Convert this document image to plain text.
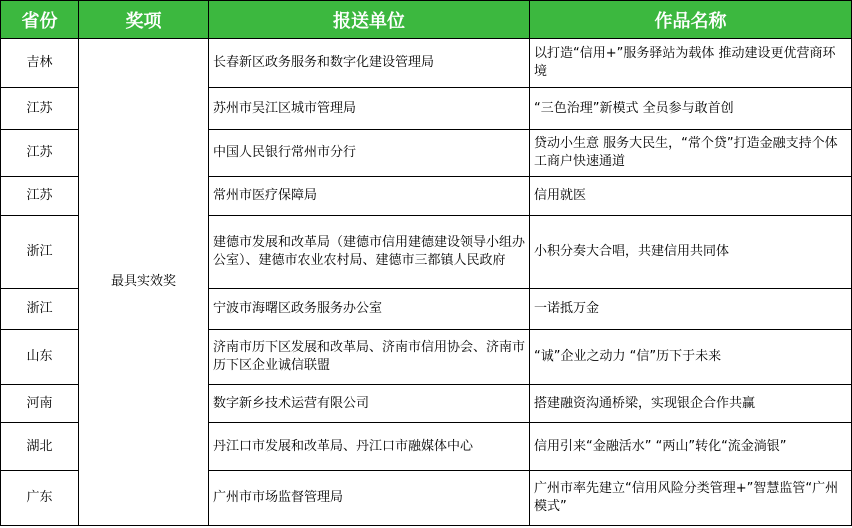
省份	奖项	报送单位	作品名称
吉林	最具实效奖	长春新区政务服务和数字化建设管理局	以打造“信用+”服务驿站为载体 推动建设更优营商环境
江苏		苏州市吴江区城市管理局	“三色治理”新模式 全员参与敢首创
江苏		中国人民银行常州市分行	贷动小生意 服务大民生，“常个贷”打造金融支持个体工商户快速通道
江苏		常州市医疗保障局	信用就医
浙江		建德市发展和改革局（建德市信用建德建设领导小组办公室）、建德市农业农村局、建德市三都镇人民政府	小积分奏大合唱，共建信用共同体
浙江		宁波市海曙区政务服务办公室	一诺抵万金
山东		济南市历下区发展和改革局、济南市信用协会、济南市历下区企业诚信联盟	“诚”企业之动力 “信”历下于未来
河南		数字新乡技术运营有限公司	搭建融资沟通桥梁，实现银企合作共赢
湖北		丹江口市发展和改革局、丹江口市融媒体中心	信用引来“金融活水” “两山”转化“流金淌银”
广东		广州市市场监督管理局	广州市率先建立“信用风险分类管理+”智慧监管“广州模式”
